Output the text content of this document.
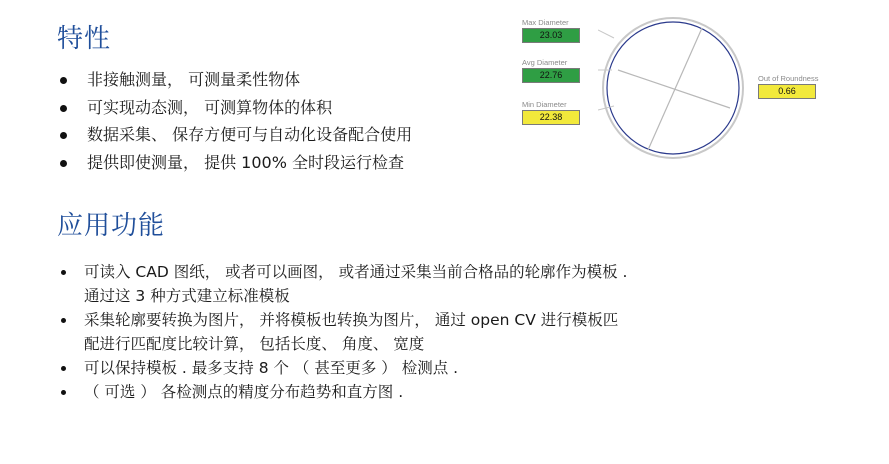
特性
非接触测量， 可测量柔性物体
可实现动态测， 可测算物体的体积
数据采集、 保存方便可与自动化设备配合使用
提供即使测量， 提供 100% 全时段运行检查
Max Diameter
23.03
Avg Diameter
22.76
Min Diameter
22.38
Out of Roundness
0.66
应用功能
可读入 CAD 图纸， 或者可以画图， 或者通过采集当前合格品的轮廓作为模板 .
通过这 3 种方式建立标准模板
采集轮廓要转换为图片， 并将模板也转换为图片， 通过 open CV 进行模板匹
配进行匹配度比较计算， 包括长度、 角度、 宽度
可以保持模板 . 最多支持 8 个 （ 甚至更多 ） 检测点 .
（ 可选 ） 各检测点的精度分布趋势和直方图 .
